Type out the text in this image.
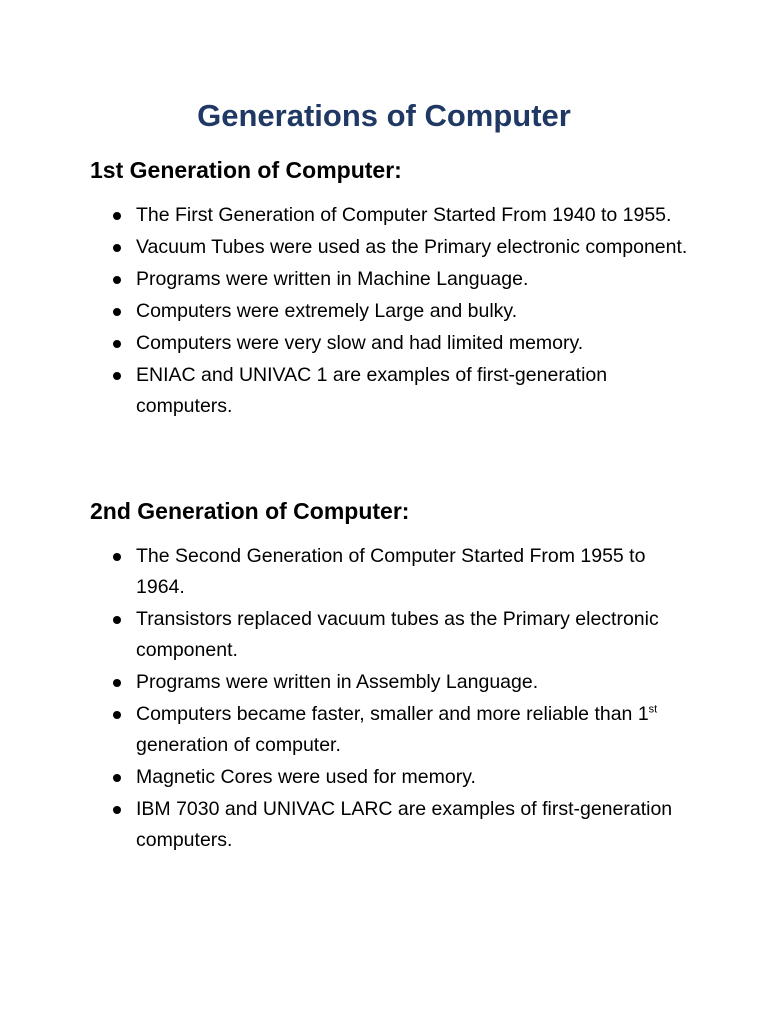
Generations of Computer
1st Generation of Computer:
The First Generation of Computer Started From 1940 to 1955.
Vacuum Tubes were used as the Primary electronic component.
Programs were written in Machine Language.
Computers were extremely Large and bulky.
Computers were very slow and had limited memory.
ENIAC and UNIVAC 1 are examples of first-generation computers.
2nd Generation of Computer:
The Second Generation of Computer Started From 1955 to 1964.
Transistors replaced vacuum tubes as the Primary electronic component.
Programs were written in Assembly Language.
Computers became faster, smaller and more reliable than 1st generation of computer.
Magnetic Cores were used for memory.
IBM 7030 and UNIVAC LARC are examples of first-generation computers.
